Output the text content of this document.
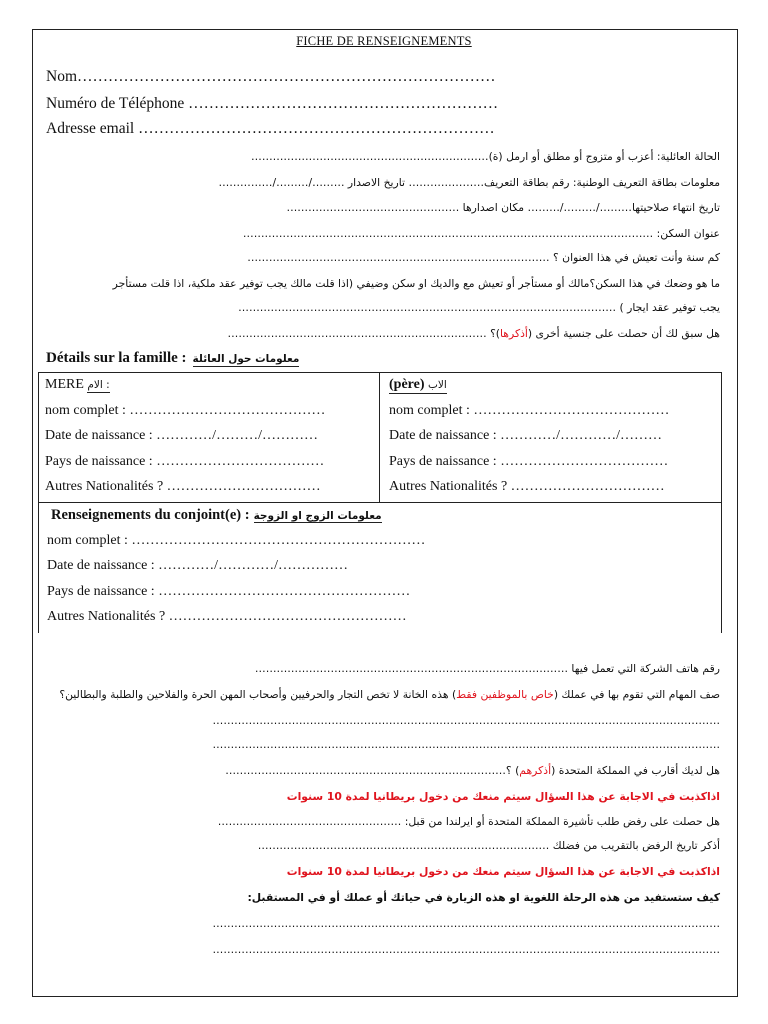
FICHE DE RENSEIGNEMENTS
Nom………………………………………………………………………
Numéro de Téléphone ……………………………………………………
Adresse email ……………………………………………………………
الحالة العائلية: أعزب أو متزوج أو مطلق أو ارمل (ة)…………………………………………………………
معلومات بطاقة التعريف الوطنية: رقم بطاقة التعريف………………… تاريخ الاصدار ………/………/……………
تاريخ انتهاء صلاحيتها………/………/……… مكان اصدارها …………………………………………
عنوان السكن: ……………………………………………………………………………………………………
كم سنة وأنت تعيش في هذا العنوان ؟ …………………………………………………………………………
ما هو وضعك في هذا السكن؟مالك أو مستأجر أو تعيش مع والديك او سكن وضيفي (اذا قلت مالك يجب توفير عقد ملكية، اذا قلت مستأجر
يجب توفير عقد ايجار ) ……………………………………………………………………………………………
هل سبق لك أن حصلت على جنسية أخرى (أذكرها)؟ ………………………………………………………………
Détails sur la famille : معلومات حول العائلة
MERE الام :
nom complet : ……………………………………
Date de naissance : …………/………/…………
Pays de naissance : ………………………………
Autres Nationalités ? ……………………………
(père) الاب
nom complet : ……………………………………
Date de naissance : …………/…………/………
Pays de naissance : ………………………………
Autres Nationalités ? ……………………………
Renseignements du conjoint(e) : معلومات الزوج او الزوجة
nom complet : ………………………………………………………
Date de naissance : …………/…………/……………
Pays de naissance : ………………………………………………
Autres Nationalités ? ……………………………………………
رقم هاتف الشركة التي تعمل فيها ……………………………………………………………………………
صف المهام التي تقوم بها في عملك (خاص بالموظفين فقط) هذه الخانة لا تخص التجار والحرفيين وأصحاب المهن الحرة والفلاحين والطلبة والبطالين؟
……………………………………………………………………………………………………………………………
……………………………………………………………………………………………………………………………
هل لديك أقارب في المملكة المتحدة (أذكرهم) ؟……………………………………………………………………
اذاكذبت في الاجابة عن هذا السؤال سيتم منعك من دخول بريطانيا لمدة 10 سنوات
هل حصلت على رفض طلب تأشيرة المملكة المتحدة أو ايرلندا من قبل: ……………………………………………
أذكر تاريخ الرفض بالتقريب من فضلك ………………………………………………………………………
اذاكذبت في الاجابة عن هذا السؤال سيتم منعك من دخول بريطانيا لمدة 10 سنوات
كيف ستستفيد من هذه الرحلة اللغوية او هذه الزيارة في حياتك أو عملك أو في المستقبل:
……………………………………………………………………………………………………………………………
……………………………………………………………………………………………………………………………
